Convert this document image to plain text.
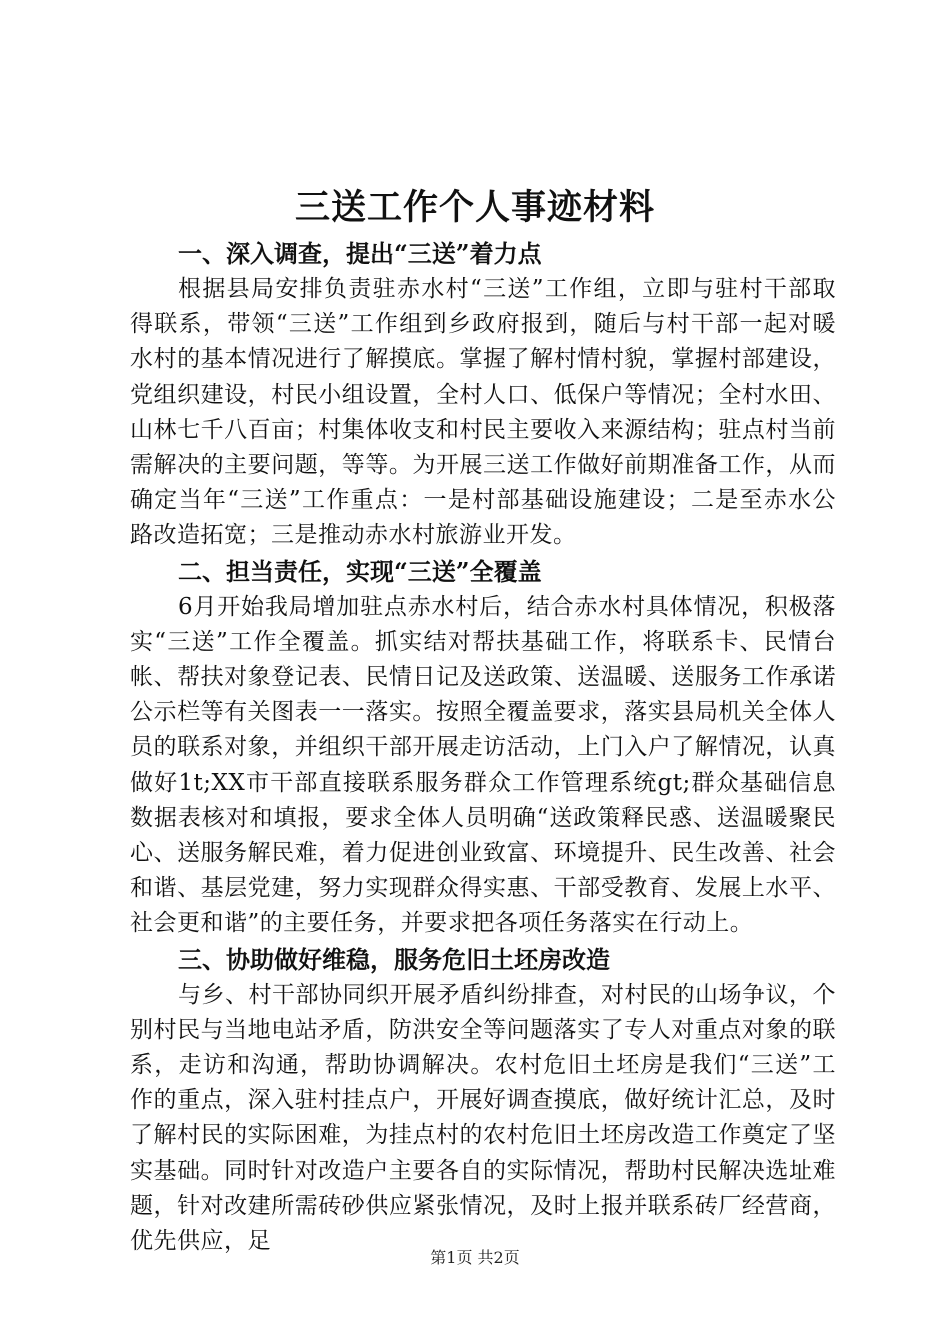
三送工作个人事迹材料
一、深入调查，提出“三送”着力点
根据县局安排负责驻赤水村“三送”工作组，立即与驻村干部取得联系，带领“三送”工作组到乡政府报到，随后与村干部一起对暖水村的基本情况进行了解摸底。掌握了解村情村貌，掌握村部建设，党组织建设，村民小组设置，全村人口、低保户等情况；全村水田、山林七千八百亩；村集体收支和村民主要收入来源结构；驻点村当前需解决的主要问题，等等。为开展三送工作做好前期准备工作，从而确定当年“三送”工作重点：一是村部基础设施建设；二是至赤水公路改造拓宽；三是推动赤水村旅游业开发。
二、担当责任，实现“三送”全覆盖
6月开始我局增加驻点赤水村后，结合赤水村具体情况，积极落实“三送”工作全覆盖。抓实结对帮扶基础工作，将联系卡、民情台帐、帮扶对象登记表、民情日记及送政策、送温暖、送服务工作承诺公示栏等有关图表一一落实。按照全覆盖要求，落实县局机关全体人员的联系对象，并组织干部开展走访活动，上门入户了解情况，认真做好1t;XX市干部直接联系服务群众工作管理系统gt;群众基础信息数据表核对和填报，要求全体人员明确“送政策释民惑、送温暖聚民心、送服务解民难，着力促进创业致富、环境提升、民生改善、社会和谐、基层党建，努力实现群众得实惠、干部受教育、发展上水平、社会更和谐”的主要任务，并要求把各项任务落实在行动上。
三、协助做好维稳，服务危旧土坯房改造
与乡、村干部协同织开展矛盾纠纷排查，对村民的山场争议，个别村民与当地电站矛盾，防洪安全等问题落实了专人对重点对象的联系，走访和沟通，帮助协调解决。农村危旧土坯房是我们“三送”工作的重点，深入驻村挂点户，开展好调查摸底，做好统计汇总，及时了解村民的实际困难，为挂点村的农村危旧土坯房改造工作奠定了坚实基础。同时针对改造户主要各自的实际情况，帮助村民解决选址难题，针对改建所需砖砂供应紧张情况，及时上报并联系砖厂经营商，优先供应，足
第1页 共2页
